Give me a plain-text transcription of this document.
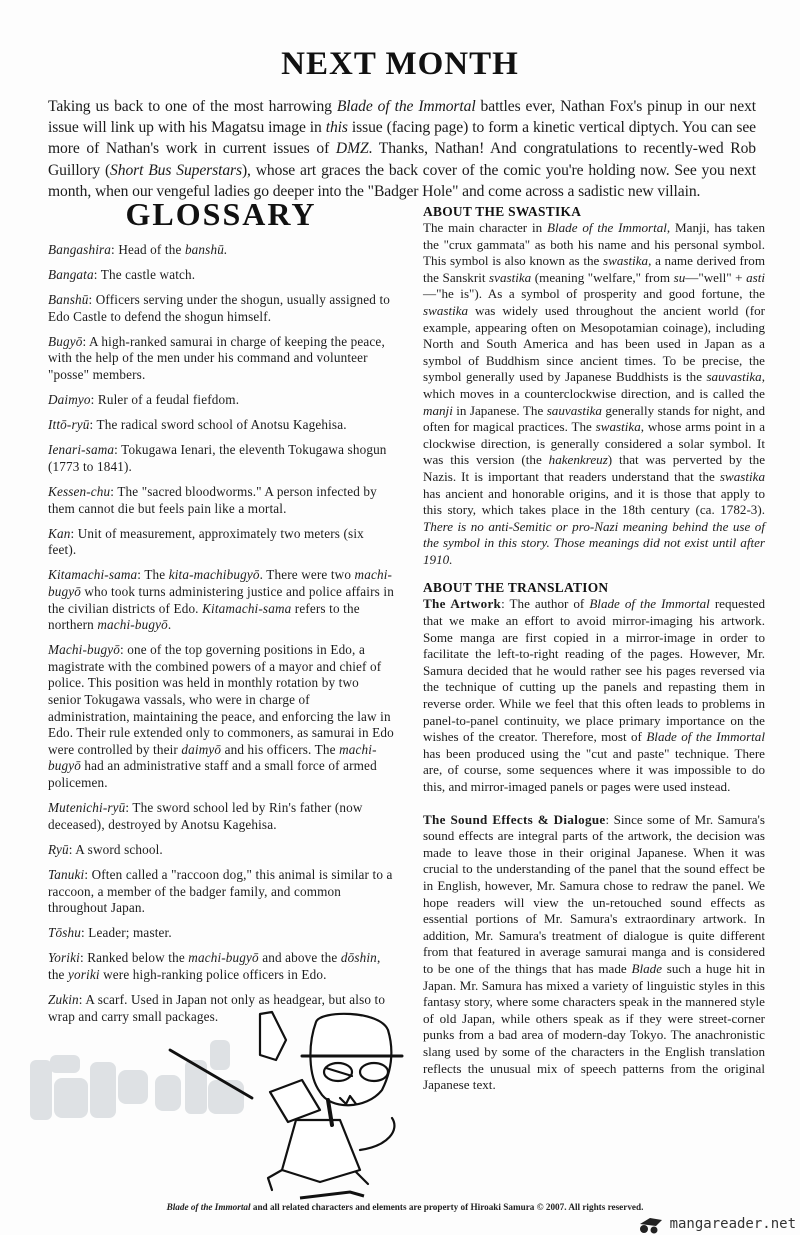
NEXT MONTH

Taking us back to one of the most harrowing Blade of the Immortal battles ever, Nathan Fox's pinup in our next issue will link up with his Magatsu image in this issue (facing page) to form a kinetic vertical diptych. You can see more of Nathan's work in current issues of DMZ. Thanks, Nathan! And congratulations to recently-wed Rob Guillory (Short Bus Superstars), whose art graces the back cover of the comic you're holding now. See you next month, when our vengeful ladies go deeper into the "Badger Hole" and come across a sadistic new villain.

GLOSSARY

Bangashira: Head of the banshū.

Bangata: The castle watch.

Banshū: Officers serving under the shogun, usually assigned to Edo Castle to defend the shogun himself.

Bugyō: A high-ranked samurai in charge of keeping the peace, with the help of the men under his command and volunteer "posse" members.

Daimyo: Ruler of a feudal fiefdom.

Ittō-ryū: The radical sword school of Anotsu Kagehisa.

Ienari-sama: Tokugawa Ienari, the eleventh Tokugawa shogun (1773 to 1841).

Kessen-chu: The "sacred bloodworms." A person infected by them cannot die but feels pain like a mortal.

Kan: Unit of measurement, approximately two meters (six feet).

Kitamachi-sama: The kita-machibugyō. There were two machi-bugyō who took turns administering justice and police affairs in the civilian districts of Edo. Kitamachi-sama refers to the northern machi-bugyō.

Machi-bugyō: one of the top governing positions in Edo, a magistrate with the combined powers of a mayor and chief of police. This position was held in monthly rotation by two senior Tokugawa vassals, who were in charge of administration, maintaining the peace, and enforcing the law in Edo. Their rule extended only to commoners, as samurai in Edo were controlled by their daimyō and his officers. The machi-bugyō had an administrative staff and a small force of armed policemen.

Mutenichi-ryū: The sword school led by Rin's father (now deceased), destroyed by Anotsu Kagehisa.

Ryū: A sword school.

Tanuki: Often called a "raccoon dog," this animal is similar to a raccoon, a member of the badger family, and common throughout Japan.

Tōshu: Leader; master.

Yoriki: Ranked below the machi-bugyō and above the dōshin, the yoriki were high-ranking police officers in Edo.

Zukin: A scarf. Used in Japan not only as headgear, but also to wrap and carry small packages.

ABOUT THE SWASTIKA

The main character in Blade of the Immortal, Manji, has taken the "crux gammata" as both his name and his personal symbol. This symbol is also known as the swastika, a name derived from the Sanskrit svastika (meaning "welfare," from su—"well" + asti—"he is"). As a symbol of prosperity and good fortune, the swastika was widely used throughout the ancient world (for example, appearing often on Mesopotamian coinage), including North and South America and has been used in Japan as a symbol of Buddhism since ancient times. To be precise, the symbol generally used by Japanese Buddhists is the sauvastika, which moves in a counterclockwise direction, and is called the manji in Japanese. The sauvastika generally stands for night, and often for magical practices. The swastika, whose arms point in a clockwise direction, is generally considered a solar symbol. It was this version (the hakenkreuz) that was perverted by the Nazis. It is important that readers understand that the swastika has ancient and honorable origins, and it is those that apply to this story, which takes place in the 18th century (ca. 1782-3). There is no anti-Semitic or pro-Nazi meaning behind the use of the symbol in this story. Those meanings did not exist until after 1910.

ABOUT THE TRANSLATION

The Artwork: The author of Blade of the Immortal requested that we make an effort to avoid mirror-imaging his artwork. Some manga are first copied in a mirror-image in order to facilitate the left-to-right reading of the pages. However, Mr. Samura decided that he would rather see his pages reversed via the technique of cutting up the panels and repasting them in reverse order. While we feel that this often leads to problems in panel-to-panel continuity, we place primary importance on the wishes of the creator. Therefore, most of Blade of the Immortal has been produced using the "cut and paste" technique. There are, of course, some sequences where it was impossible to do this, and mirror-imaged panels or pages were used instead.

The Sound Effects & Dialogue: Since some of Mr. Samura's sound effects are integral parts of the artwork, the decision was made to leave those in their original Japanese. When it was crucial to the understanding of the panel that the sound effect be in English, however, Mr. Samura chose to redraw the panel. We hope readers will view the un-retouched sound effects as essential portions of Mr. Samura's extraordinary artwork. In addition, Mr. Samura's treatment of dialogue is quite different from that featured in average samurai manga and is considered to be one of the things that has made Blade such a huge hit in Japan. Mr. Samura has mixed a variety of linguistic styles in this fantasy story, where some characters speak in the mannered style of old Japan, while others speak as if they were street-corner punks from a bad area of modern-day Tokyo. The anachronistic slang used by some of the characters in the English translation reflects the unusual mix of speech patterns from the original Japanese text.

Blade of the Immortal and all related characters and elements are property of Hiroaki Samura © 2007. All rights reserved.
mangareader.net
